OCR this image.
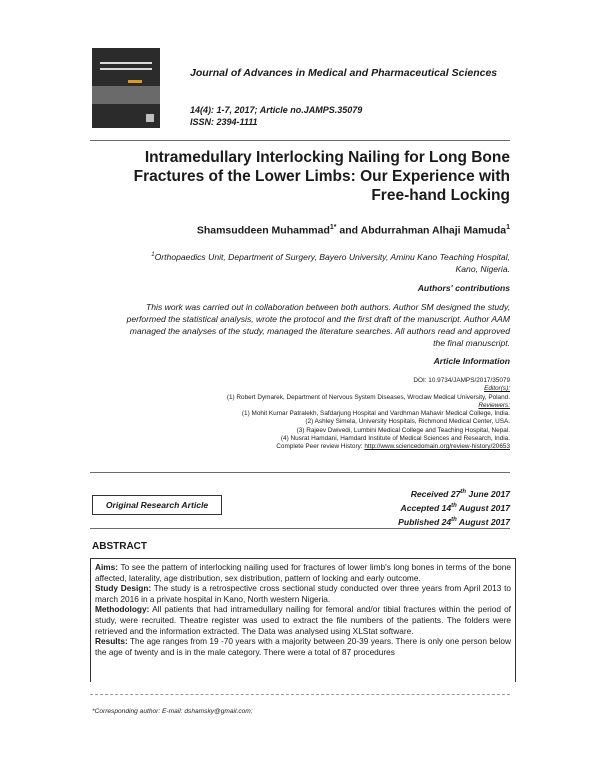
Journal of Advances in Medical and Pharmaceutical Sciences
14(4): 1-7, 2017; Article no.JAMPS.35079
ISSN: 2394-1111
Intramedullary Interlocking Nailing for Long Bone
Fractures of the Lower Limbs: Our Experience with
Free-hand Locking
Shamsuddeen Muhammad$^{1*}$ and Abdurrahman Alhaji Mamuda$^1$
$^1$Orthopaedics Unit, Department of Surgery, Bayero University, Aminu Kano Teaching Hospital,
Kano, Nigeria.
Authors' contributions
This work was carried out in collaboration between both authors. Author SM designed the study,
performed the statistical analysis, wrote the protocol and the first draft of the manuscript. Author AAM
managed the analyses of the study, managed the literature searches. All authors read and approved
the final manuscript.
Article Information
DOI: 10.9734/JAMPS/2017/35079
Editor(s):
(1) Robert Dymarek, Department of Nervous System Diseases, Wroclaw Medical University, Poland.
Reviewers:
(1) Mohit Kumar Patralekh, Safdarjung Hospital and Vardhman Mahavir Medical College, India.
(2) Ashley Simela, University Hospitals, Richmond Medical Center, USA.
(3) Rajeev Dwivedi, Lumbini Medical College and Teaching Hospital, Nepal.
(4) Nusrat Hamdani, Hamdard Institute of Medical Sciences and Research, India.
Complete Peer review History: http://www.sciencedomain.org/review-history/20653
Original Research Article
Received 27th June 2017
Accepted 14th August 2017
Published 24th August 2017
ABSTRACT

Aims: To see the pattern of interlocking nailing used for fractures of lower limb's long bones in terms of the bone affected, laterality, age distribution, sex distribution, pattern of locking and early outcome.

Study Design: The study is a retrospective cross sectional study conducted over three years from April 2013 to march 2016 in a private hospital in Kano, North western Nigeria.

Methodology: All patients that had intramedullary nailing for femoral and/or tibial fractures within the period of study, were recruited. Theatre register was used to extract the file numbers of the patients. The folders were retrieved and the information extracted. The Data was analysed using XLStat software.

Results: The age ranges from 19 -70 years with a majority between 20-39 years. There is only one person below the age of twenty and is in the male category. There were a total of 87 procedures

*Corresponding author: E-mail: dshamsky@gmail.com;
